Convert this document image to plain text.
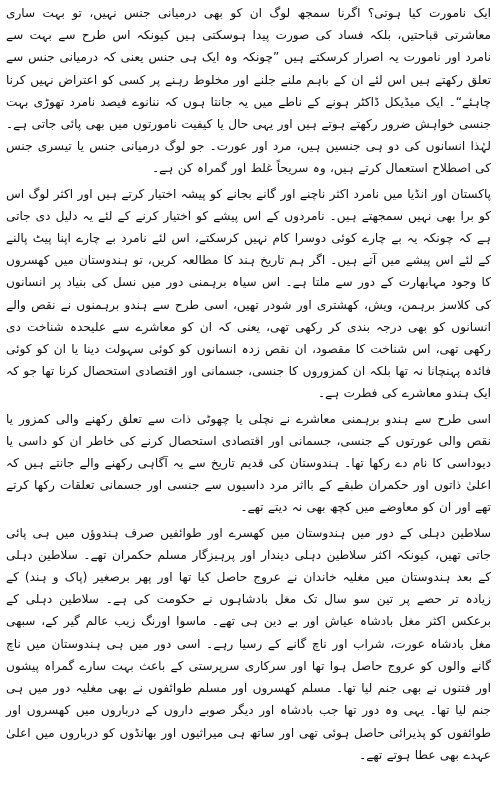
ایک نامورت کیا ہوتی؟ اگرنا سمجھ لوگ ان کو بھی درمیانی جنس نہیں، تو بہت ساری معاشرتی قباحتیں، بلکہ فساد کی صورت پیدا ہوسکتی ہیں کیونکہ اس طرح سے بہت سے نامرد اور نامورت یہ اصرار کرسکتے ہیں ”چونکہ وہ ایک ہی جنس یعنی کہ درمیانی جنس سے تعلق رکھتے ہیں اس لئے ان کے باہم ملنے جلنے اور مخلوط رہنے پر کسی کو اعتراض نہیں کرنا چاہئے“۔ ایک میڈیکل ڈاکٹر ہونے کے ناطے میں یہ جانتا ہوں کہ ننانوے فیصد نامرد تھوڑی بہت جنسی خواہش ضرور رکھتے ہوتے ہیں اور یہی حال یا کیفیت نامورتوں میں بھی پائی جاتی ہے۔ لہٰذا انسانوں کی دو ہی جنسیں ہیں، مرد اور عورت۔ جو لوگ درمیانی جنس یا تیسری جنس کی اصطلاح استعمال کرتے ہیں، وہ سریحاً غلط اور گمراہ کن ہے۔

پاکستان اور انڈیا میں نامرد اکثر ناچنے اور گانے بجانے کو پیشہ اختیار کرتے ہیں اور اکثر لوگ اس کو برا بھی نہیں سمجھتے ہیں۔ نامردوں کے اس پیشے کو اختیار کرنے کے لئے یہ دلیل دی جاتی ہے کہ چونکہ یہ بے چارے کوئی دوسرا کام نہیں کرسکتے، اس لئے نامرد بے چارے اپنا پیٹ پالنے کے لئے اس پیشے میں آتے ہیں۔ اگر ہم تاریخ ہند کا مطالعہ کریں، تو ہندوستان میں کھسروں کا وجود مہابھارت کے دور سے ملتا ہے۔ اس سیاہ برہمنی دور میں نسل کی بنیاد پر انسانوں کی کلاسز برہمن، ویش، کھشتری اور شودر تھیں، اسی طرح سے ہندو برہمنوں نے نقص والے انسانوں کو بھی درجہ بندی کر رکھی تھی، یعنی کہ ان کو معاشرے سے علیحدہ شناخت دی رکھی تھی، اس شناخت کا مقصود، ان نقص زدہ انسانوں کو کوئی سہولت دینا یا ان کو کوئی فائدہ پہنچانا نہ تھا بلکہ ان کمزوروں کا جنسی، جسمانی اور اقتصادی استحصال کرنا تھا جو کہ ایک ہندو معاشرے کی فطرت ہے۔

اسی طرح سے ہندو برہمنی معاشرے نے نچلی یا چھوٹی ذات سے تعلق رکھنے والی کمزور یا نقص والی عورتوں کے جنسی، جسمانی اور اقتصادی استحصال کرنے کی خاطر ان کو داسی یا دیوداسی کا نام دے رکھا تھا۔ ہندوستان کی قدیم تاریخ سے یہ آگاہی رکھنے والے جانتے ہیں کہ اعلیٰ ذاتوں اور حکمران طبقے کے بااثر مرد داسیوں سے جنسی اور جسمانی تعلقات رکھا کرتے تھے اور ان کو معاوضے میں کچھ بھی نہ دیتے تھے۔

سلاطین دہلی کے دور میں ہندوستان میں کھسرے اور طوائفیں صرف ہندوؤں میں ہی پائی جاتی تھیں، کیونکہ اکثر سلاطین دہلی دیندار اور پرہیزگار مسلم حکمران تھے۔ سلاطین دہلی کے بعد ہندوستان میں مغلیہ خاندان نے عروج حاصل کیا تھا اور پھر برصغیر (پاک و ہند) کے زیادہ تر حصے پر تین سو سال تک مغل بادشاہوں نے حکومت کی ہے۔ سلاطین دہلی کے برعکس اکثر مغل بادشاہ عیاش اور بے دین ہی تھے۔ ماسوا اورنگ زیب عالم گیر کے، سبھی مغل بادشاہ عورت، شراب اور ناچ گانے کے رسیا رہے۔ اسی دور میں ہی ہندوستان میں ناچ گانے والوں کو عروج حاصل ہوا تھا اور سرکاری سرپرستی کے باعث بہت سارے گمراہ پیشوں اور فتنوں نے بھی جنم لیا تھا۔ مسلم کھسروں اور مسلم طوائفوں نے بھی مغلیہ دور میں ہی جنم لیا تھا۔ یہی وہ دور تھا جب بادشاہ اور دیگر صوبے داروں کے درباروں میں کھسروں اور طوائفوں کو پذیرائی حاصل ہوئی تھی اور ساتھ ہی میراثیوں اور بھانڈوں کو درباروں میں اعلیٰ عہدے بھی عطا ہوتے تھے۔
